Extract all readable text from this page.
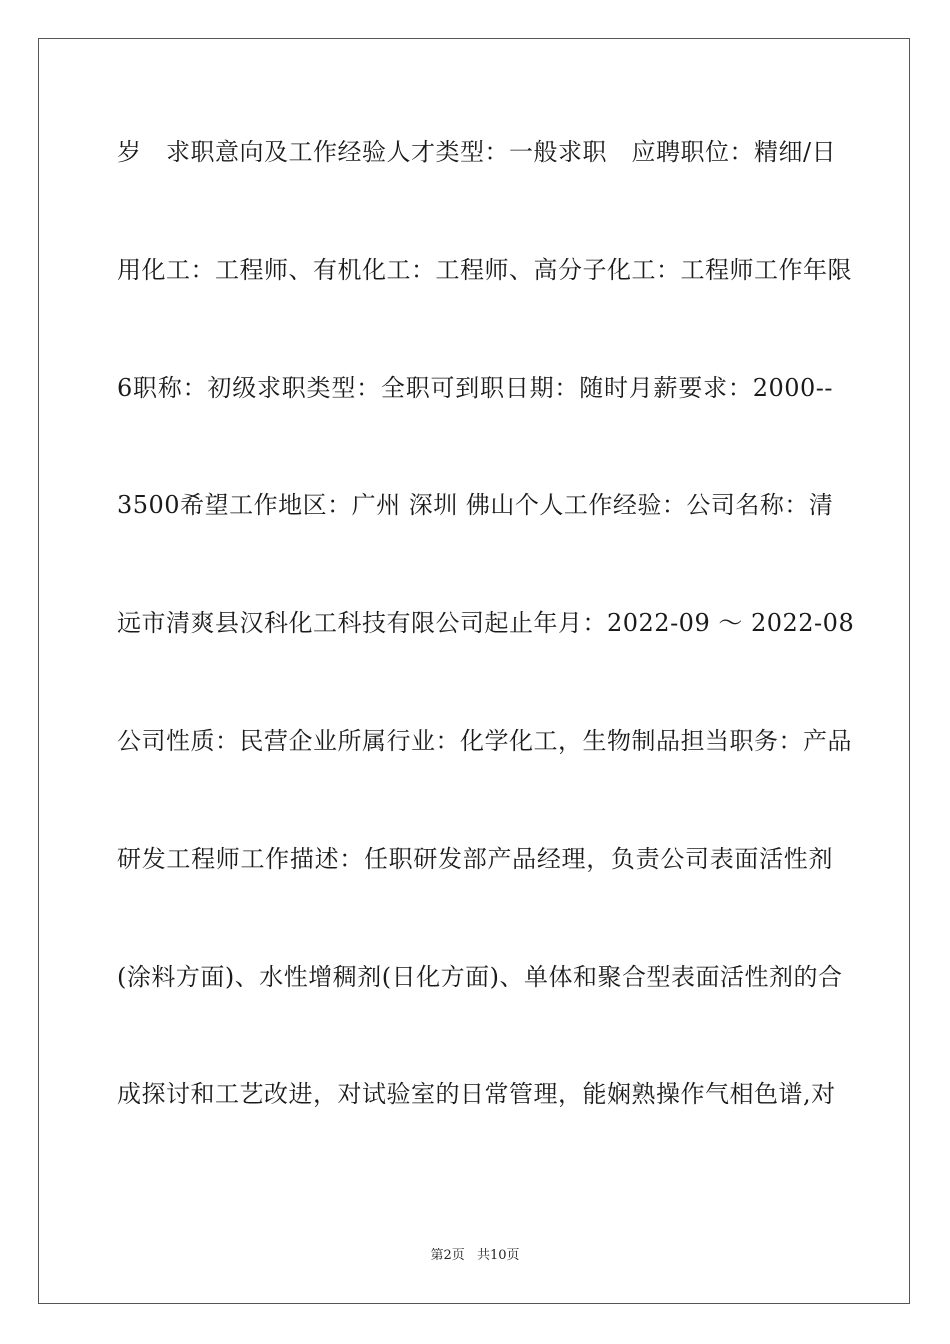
岁　求职意向及工作经验人才类型：一般求职　应聘职位：精细/日
用化工：工程师、有机化工：工程师、高分子化工：工程师工作年限
6职称：初级求职类型：全职可到职日期：随时月薪要求：2000--
3500希望工作地区：广州 深圳 佛山个人工作经验：公司名称：清
远市清爽县汉科化工科技有限公司起止年月：2022-09 ～ 2022-08
公司性质：民营企业所属行业：化学化工，生物制品担当职务：产品
研发工程师工作描述：任职研发部产品经理，负责公司表面活性剂
(涂料方面)、水性增稠剂(日化方面)、单体和聚合型表面活性剂的合
成探讨和工艺改进，对试验室的日常管理，能娴熟操作气相色谱,对
第2页 共10页
